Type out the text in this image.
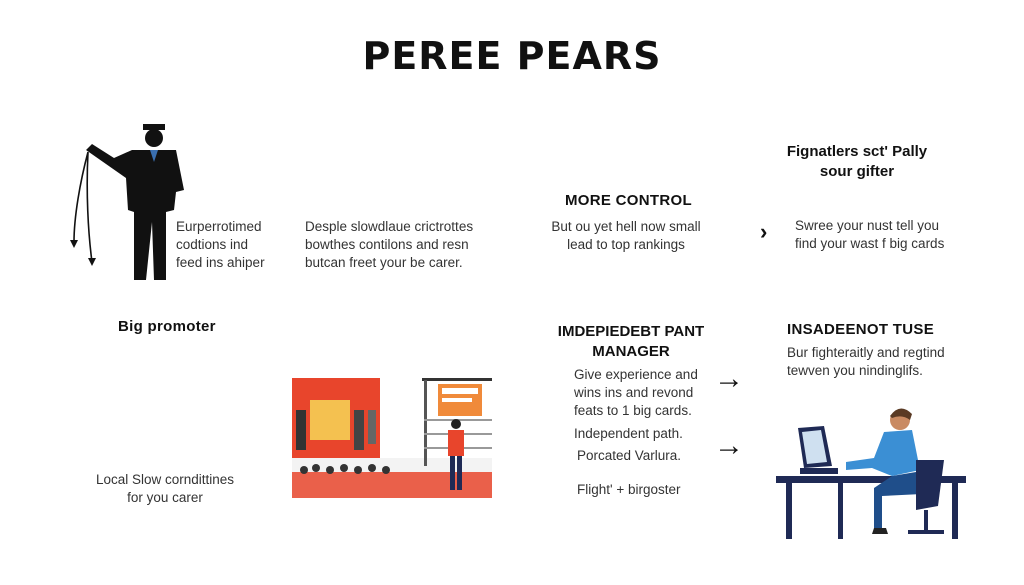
PEREE PEARS
Eurperrotimed
codtions ind
feed ins ahiper
Big promoter
Local Slow corndittines
for you carer
Desple slowdlaue crictrottes
bowthes contilons and resn
butcan freet your be carer.
MORE CONTROL
But ou yet hell now small
lead to top rankings
IMDEPIEDEBT PANT
MANAGER
Give experience and
wins ins and revond
feats to 1 big cards.
Independent path.
Porcated Varlura.
Flight' + birgoster
›
→
→
Fignatlers sct' Pally
sour gifter
Swree your nust tell you
find your wast f big cards
INSADEENOT TUSE
Bur fighteraitly and regtind
tewven you nindinglifs.
